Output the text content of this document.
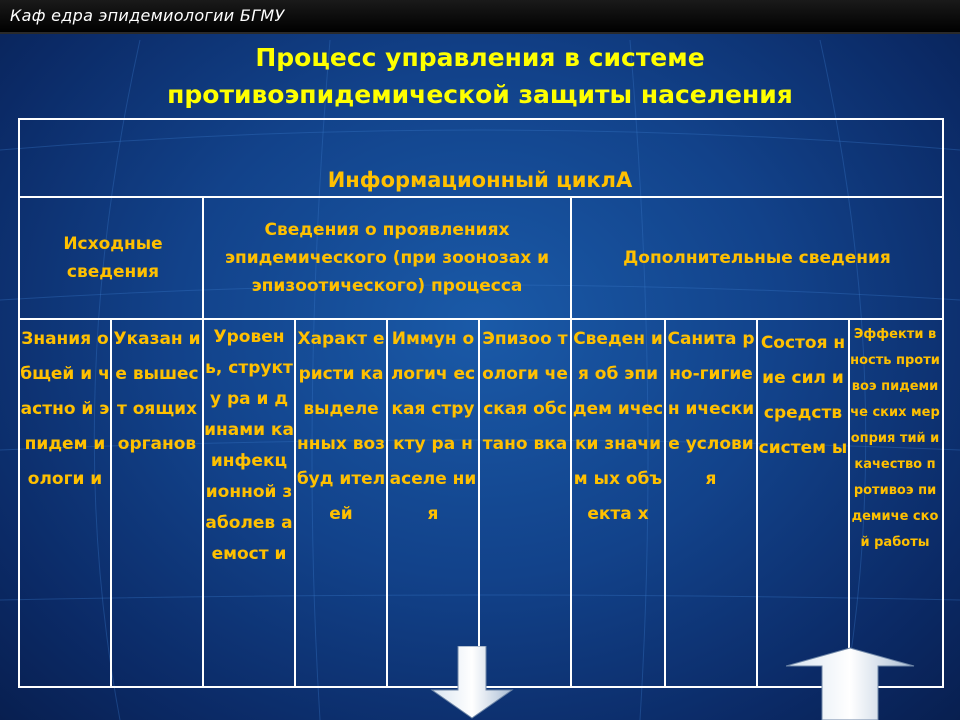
Каф едра эпидемиологии БГМУ
Процесс управления в системе
противоэпидемической защиты населения
Информационный циклА
Исходные сведения
Сведения о проявлениях эпидемического (при зоонозах и эпизоотического) процесса
Дополнительные сведения
Знания общей и частно й эпидем иологи и
Указан ие вышест оящих органов
Уровен ь, структу ра и динами ка инфекц ионной заболев аемост и
Характ еристи ка выделе нных возбуд ителей
Иммун ологич еская структу ра населе ния
Эпизоо тологи ческая обстано вка
Сведен ия об эпидем ически значим ых объекта х
Санита рно-гигиен ически е услови я
Состоя ние сил и средств систем ы
Эффекти вность противоэ пидемиче ских мероприя тий и качество противоэ пидемиче ской работы
